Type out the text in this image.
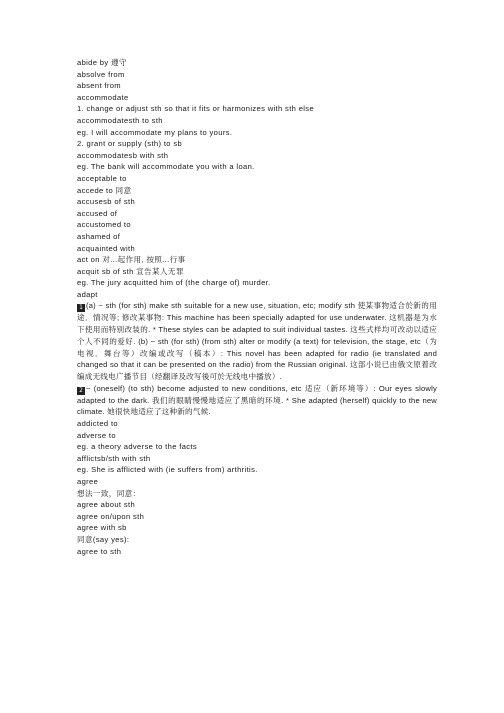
abide by 遵守
absolve from
absent from
accommodate
1. change or adjust sth so that it fits or harmonizes with sth else
accommodatesth to sth
eg. I will accommodate my plans to yours.
2. grant or supply (sth) to sb
accommodatesb with sth
eg. The bank will accommodate you with a loan.
acceptable to
accede to 同意
accusesb of sth
accused of
accustomed to
ashamed of
acquainted with
act on 对...起作用, 按照...行事
acquit sb of sth 宣告某人无罪
eg. The jury acquitted him of (the charge of) murder.
adapt
1 (a) ~ sth (for sth) make sth suitable for a new use, situation, etc; modify sth 使某事物适合於新的用途．情况等; 修改某事物: This machine has been specially adapted for use underwater. 这机器是为水下使用而特别改装的. * These styles can be adapted to suit individual tastes. 这些式样均可改动以适应个人不同的爱好. (b) ~ sth (for sth) (from sth) alter or modify (a text) for television, the stage, etc（为电视．舞台等）改编或改写（稿本）: This novel has been adapted for radio (ie translated and changed so that it can be presented on the radio) from the Russian original. 这部小说已由俄文原着改编成无线电广播节目（经翻译及改写後可於无线电中播放）.
2 ~ (oneself) (to sth) become adjusted to new conditions, etc 适应（新环境等）: Our eyes slowly adapted to the dark. 我们的眼睛慢慢地适应了黑暗的环境. * She adapted (herself) quickly to the new climate. 她很快地适应了这种新的气候.
addicted to
adverse to
eg. a theory adverse to the facts
afflictsb/sth with sth
eg. She is afflicted with (ie suffers from) arthritis.
agree
想法一致，同意：
agree about sth
agree on/upon sth
agree with sb
同意(say yes):
agree to sth
